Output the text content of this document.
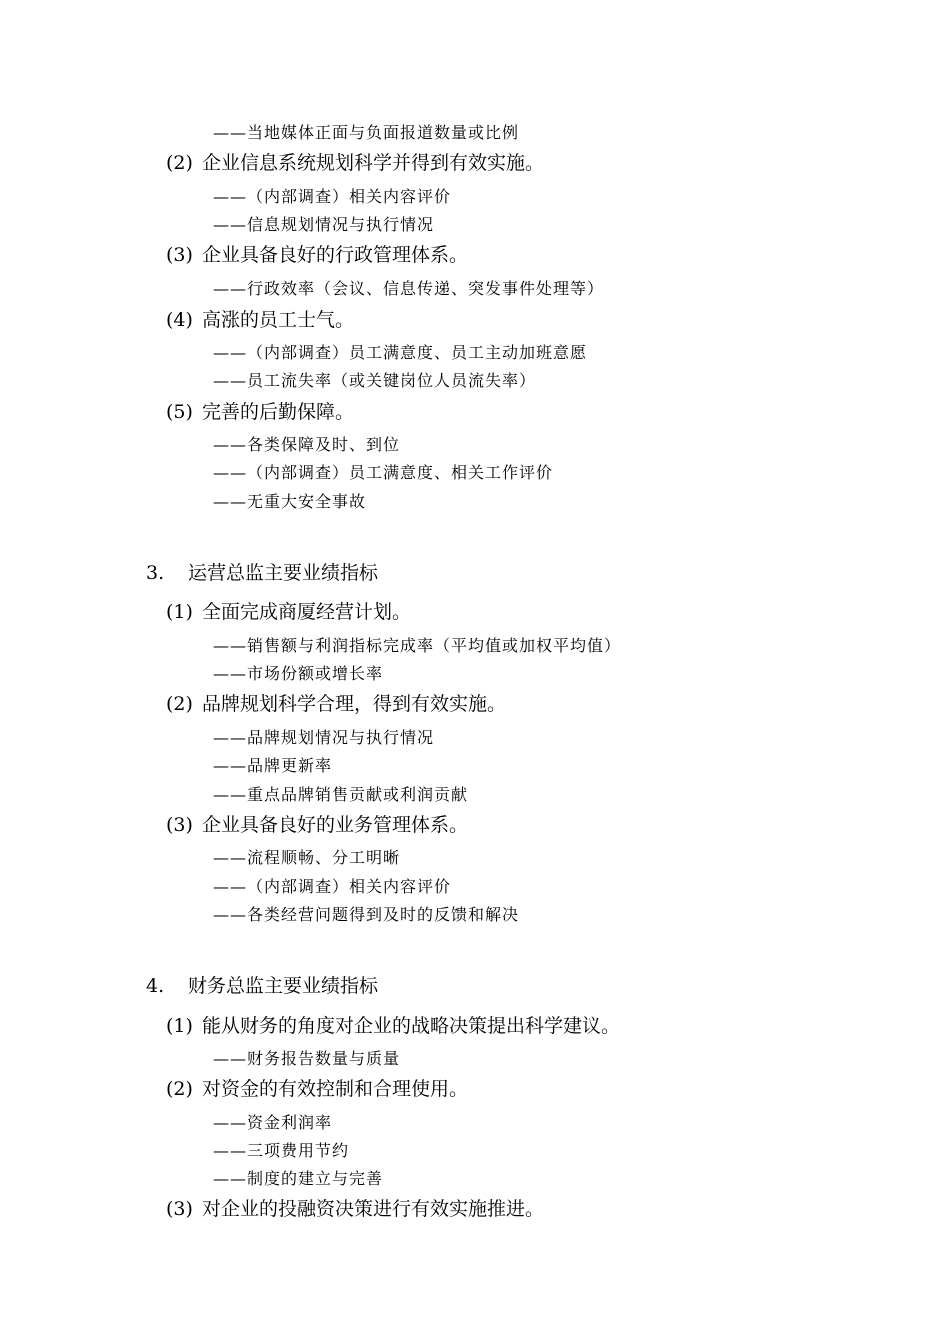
——当地媒体正面与负面报道数量或比例
(2) 企业信息系统规划科学并得到有效实施。
——（内部调查）相关内容评价
——信息规划情况与执行情况
(3) 企业具备良好的行政管理体系。
——行政效率（会议、信息传递、突发事件处理等）
(4) 高涨的员工士气。
——（内部调查）员工满意度、员工主动加班意愿
——员工流失率（或关键岗位人员流失率）
(5) 完善的后勤保障。
——各类保障及时、到位
——（内部调查）员工满意度、相关工作评价
——无重大安全事故
3. 运营总监主要业绩指标
(1) 全面完成商厦经营计划。
——销售额与利润指标完成率（平均值或加权平均值）
——市场份额或增长率
(2) 品牌规划科学合理，得到有效实施。
——品牌规划情况与执行情况
——品牌更新率
——重点品牌销售贡献或利润贡献
(3) 企业具备良好的业务管理体系。
——流程顺畅、分工明晰
——（内部调查）相关内容评价
——各类经营问题得到及时的反馈和解决
4. 财务总监主要业绩指标
(1) 能从财务的角度对企业的战略决策提出科学建议。
——财务报告数量与质量
(2) 对资金的有效控制和合理使用。
——资金利润率
——三项费用节约
——制度的建立与完善
(3) 对企业的投融资决策进行有效实施推进。
